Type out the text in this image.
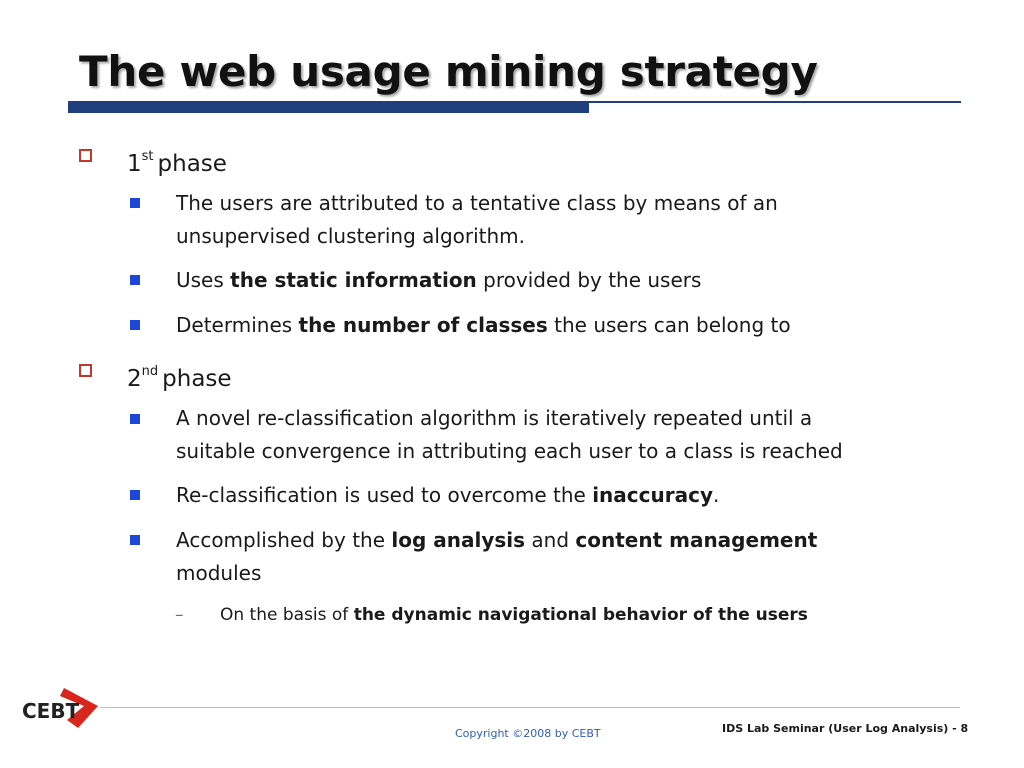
The web usage mining strategy
1st phase
The users are attributed to a tentative class by means of an
unsupervised clustering algorithm.
Uses the static information provided by the users
Determines the number of classes the users can belong to
2nd phase
A novel re-classification algorithm is iteratively repeated until a
suitable convergence in attributing each user to a class is reached
Re-classification is used to overcome the inaccuracy.
Accomplished by the log analysis and content management
modules
– On the basis of the dynamic navigational behavior of the users
CEBT
Copyright ©2008 by CEBT	IDS Lab Seminar (User Log Analysis) - 8
